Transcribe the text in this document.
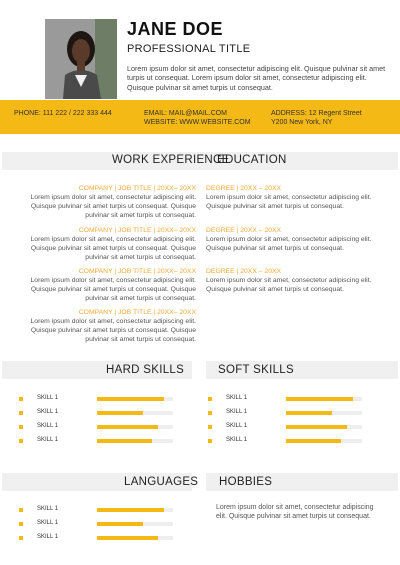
JANE DOE
PROFESSIONAL TITLE
Lorem ipsum dolor sit amet, consectetur adipiscing elit. Quisque pulvinar sit amet turpis ut consequat. Lorem ipsum dolor sit amet, consectetur adipiscing elit. Quisque pulvinar sit amet turpis ut consequat.
PHONE: 111 222 / 222 333 444	EMAIL: MAIL@MAIL.COM
WEBSITE: WWW.WEBSITE.COM
ADDRESS: 12 Regent Street
Y200 New York, NY
WORK EXPERIENCE
EDUCATION
COMPANY | JOB TITLE | 20XX– 20XX
Lorem ipsum dolor sit amet, consectetur adipiscing elit.
Quisque pulvinar sit amet turpis ut consequat. Quisque
pulvinar sit amet turpis ut consequat.
COMPANY | JOB TITLE | 20XX– 20XX
Lorem ipsum dolor sit amet, consectetur adipiscing elit.
Quisque pulvinar sit amet turpis ut consequat. Quisque
pulvinar sit amet turpis ut consequat.
COMPANY | JOB TITLE | 20XX– 20XX
Lorem ipsum dolor sit amet, consectetur adipiscing elit.
Quisque pulvinar sit amet turpis ut consequat. Quisque
pulvinar sit amet turpis ut consequat.
COMPANY | JOB TITLE | 20XX– 20XX
Lorem ipsum dolor sit amet, consectetur adipiscing elit.
Quisque pulvinar sit amet turpis ut consequat. Quisque
pulvinar sit amet turpis ut consequat.
DEGREE | 20XX – 20XX
Lorem ipsum dolor sit amet, consectetur adipiscing elit.
Quisque pulvinar sit amet turpis ut consequat.
DEGREE | 20XX – 20XX
Lorem ipsum dolor sit amet, consectetur adipiscing elit.
Quisque pulvinar sit amet turpis ut consequat.
DEGREE | 20XX – 20XX
Lorem ipsum dolor sit amet, consectetur adipiscing elit.
Quisque pulvinar sit amet turpis ut consequat.
HARD SKILLS	SOFT SKILLS
SKILL 1
SKILL 1
SKILL 1
SKILL 1
SKILL 1
SKILL 1
SKILL 1
SKILL 1
LANGUAGES HOBBIES
SKILL 1
SKILL 1
SKILL 1
Lorem ipsum dolor sit amet, consectetur adipiscing elit. Quisque pulvinar sit amet turpis ut consequat.
